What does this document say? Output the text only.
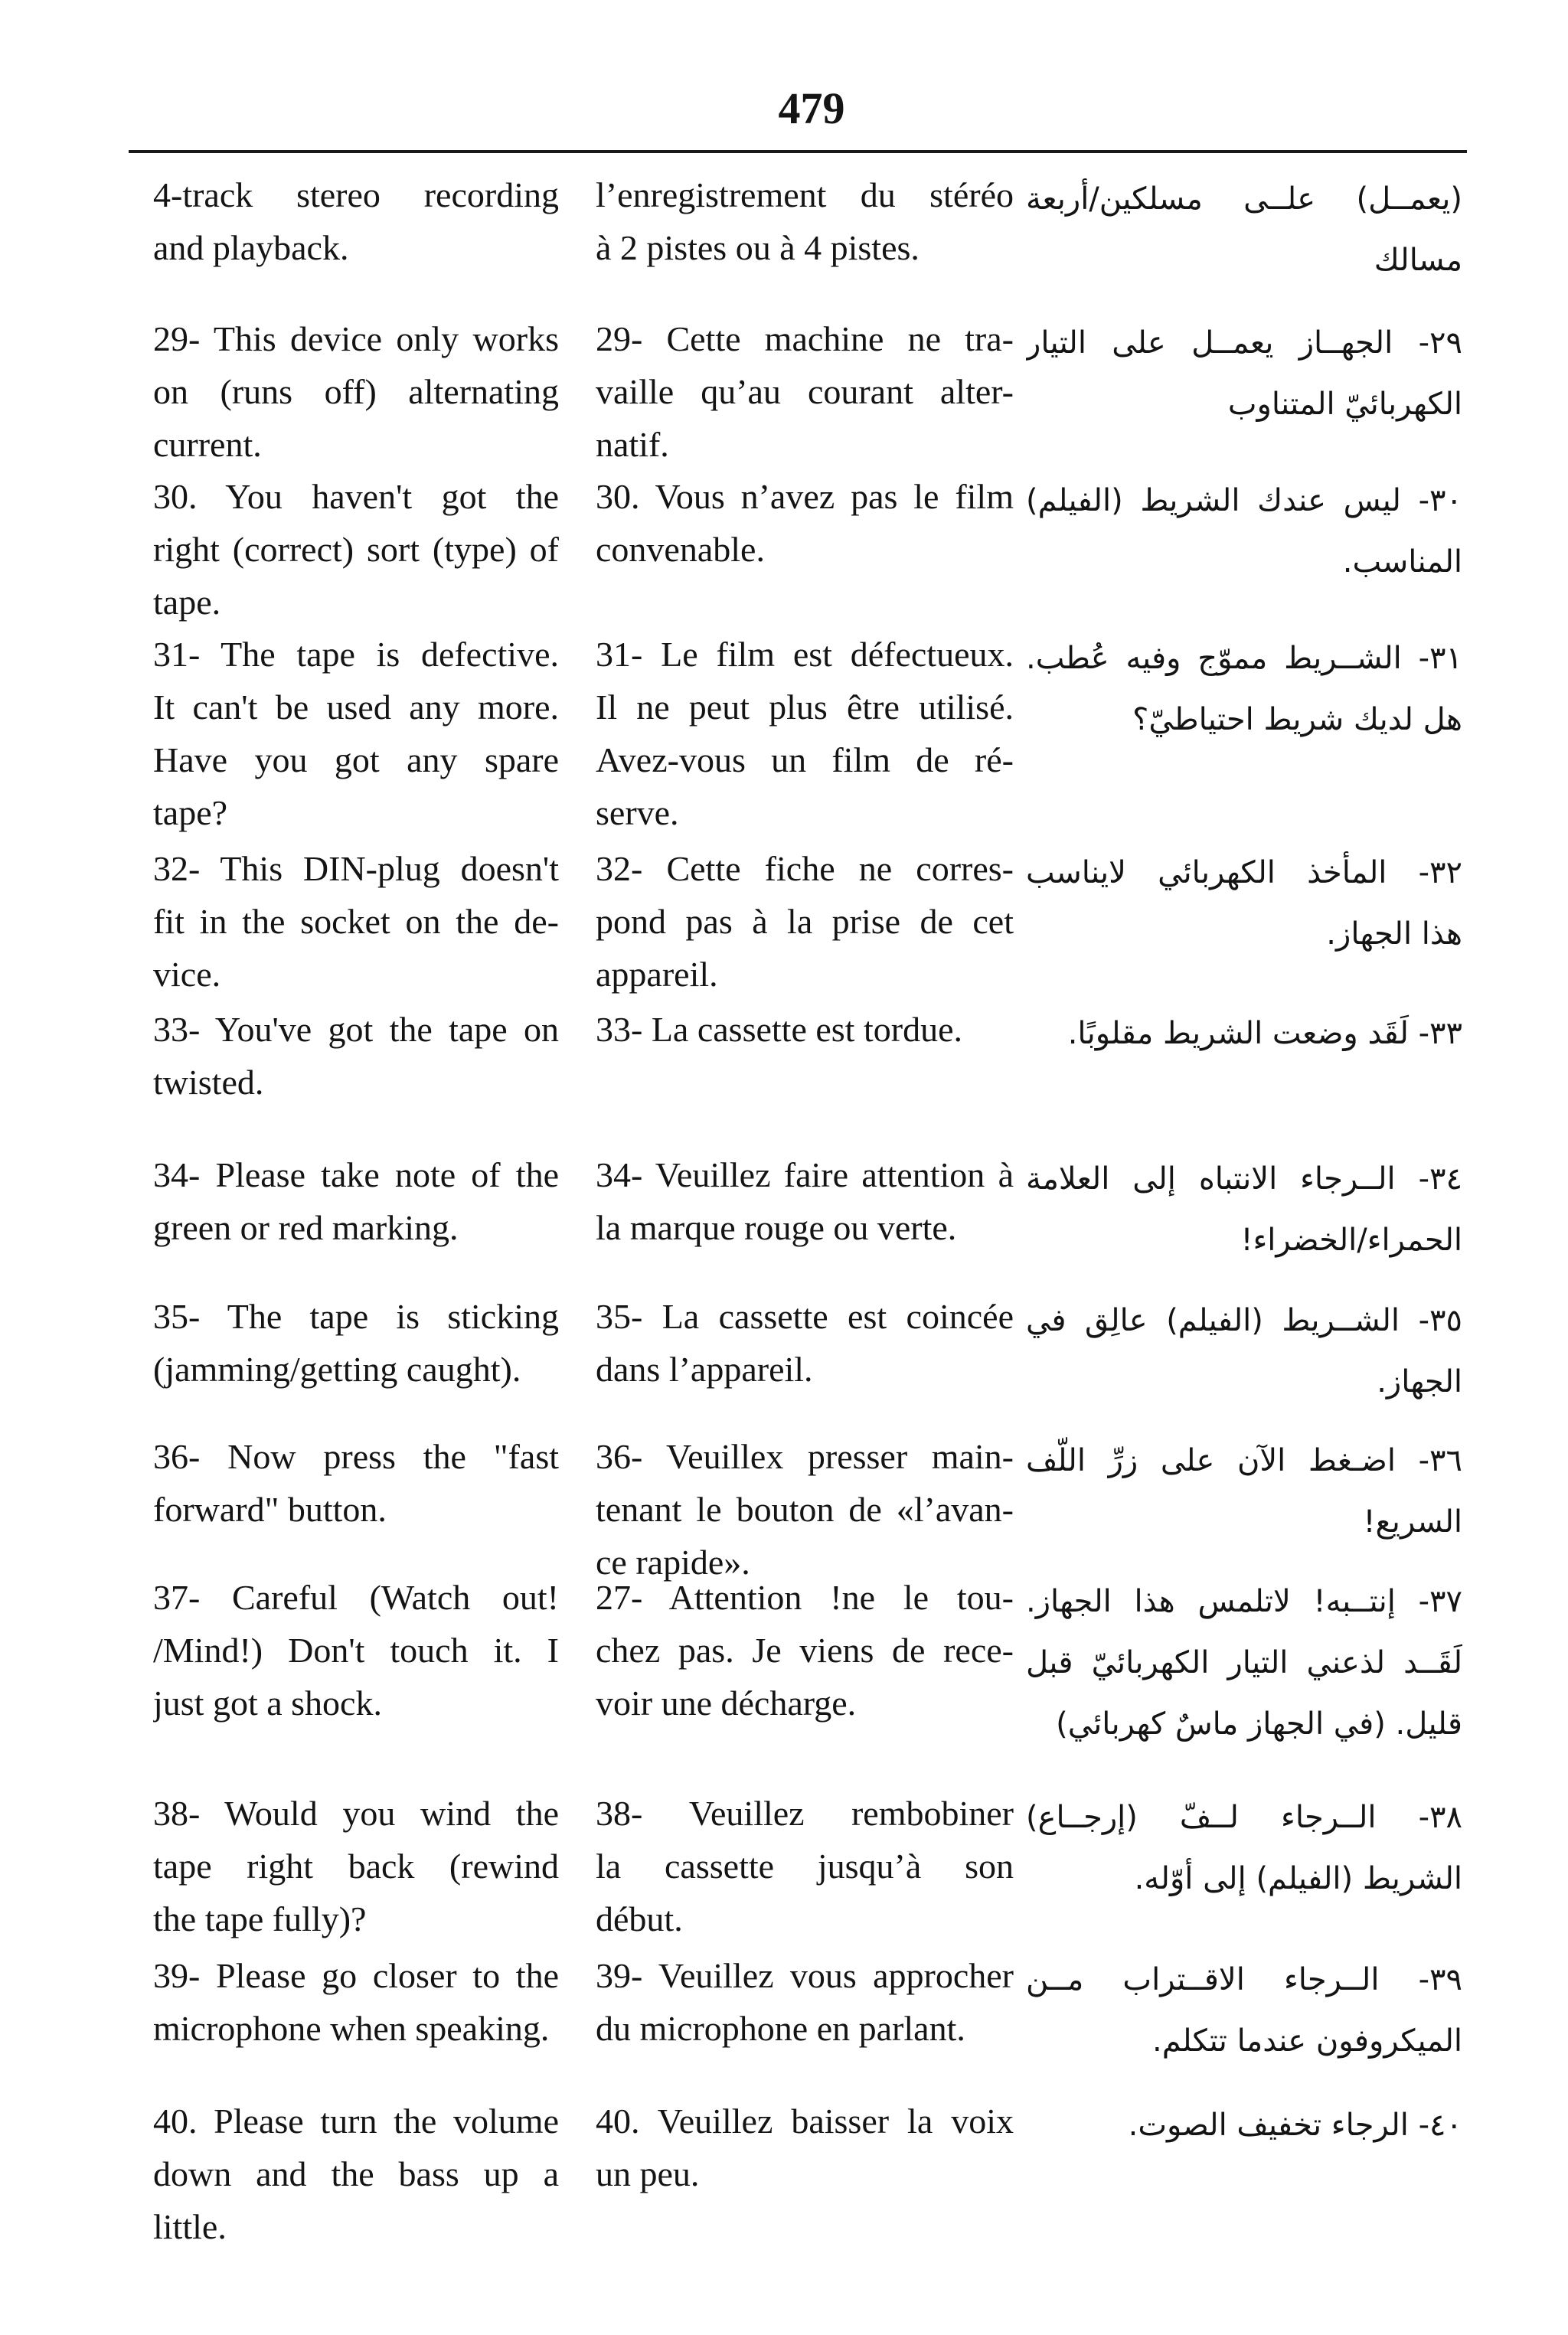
479
4-track stereo recording
and playback.
l’enregistrement du stéréo
à 2 pistes ou à 4 pistes.
(يعمــل) علــى مسلكين/أربعة
مسالك
29- This device only works
on (runs off) alternating
current.
29- Cette machine ne tra-
vaille qu’au courant alter-
natif.
٢٩- الجهــاز يعمــل على التيار
الكهربائيّ المتناوب
30. You haven't got the
right (correct) sort (type) of
tape.
30. Vous n’avez pas le film
convenable.
٣٠- ليس عندك الشريط (الفيلم)
المناسب.
31- The tape is defective.
It can't be used any more.
Have you got any spare
tape?
31- Le film est défectueux.
Il ne peut plus être utilisé.
Avez-vous un film de ré-
serve.
٣١- الشــريط مموّج وفيه عُطب.
هل لديك شريط احتياطيّ؟
32- This DIN-plug doesn't
fit in the socket on the de-
vice.
32- Cette fiche ne corres-
pond pas à la prise de cet
appareil.
٣٢- المأخذ الكهربائي لايناسب
هذا الجهاز.
33- You've got the tape on
twisted.
33- La cassette est tordue.	٣٣- لَقَد وضعت الشريط مقلوبًا.
34- Please take note of the
green or red marking.
34- Veuillez faire attention à
la marque rouge ou verte.
٣٤- الــرجاء الانتباه إلى العلامة
الحمراء/الخضراء!
35- The tape is sticking
(jamming/getting caught).
35- La cassette est coincée
dans l’appareil.
٣٥- الشــريط (الفيلم) عالِق في
الجهاز.
36- Now press the "fast
forward" button.
36- Veuillex presser main-
tenant le bouton de «l’avan-
ce rapide».
٣٦- اضـغط الآن على زرِّ اللّف
السريع!
37- Careful (Watch out!
/Mind!) Don't touch it. I
just got a shock.
27- Attention !ne le tou-
chez pas. Je viens de rece-
voir une décharge.
٣٧- إنتــبه! لاتلمس هذا الجهاز.
لَقَــد لذعني التيار الكهربائيّ قبل
قليل. (في الجهاز ماسٌ كهربائي)
38- Would you wind the
tape right back (rewind
the tape fully)?
38- Veuillez rembobiner
la cassette jusqu’à son
début.
٣٨- الــرجاء لــفّ (إرجــاع)
الشريط (الفيلم) إلى أوّله.
39- Please go closer to the
microphone when speaking.
39- Veuillez vous approcher
du microphone en parlant.
٣٩- الــرجاء الاقــتراب مــن
الميكروفون عندما تتكلم.
40. Please turn the volume
down and the bass up a
little.
40. Veuillez baisser la voix
un peu.
٤٠- الرجاء تخفيف الصوت.
